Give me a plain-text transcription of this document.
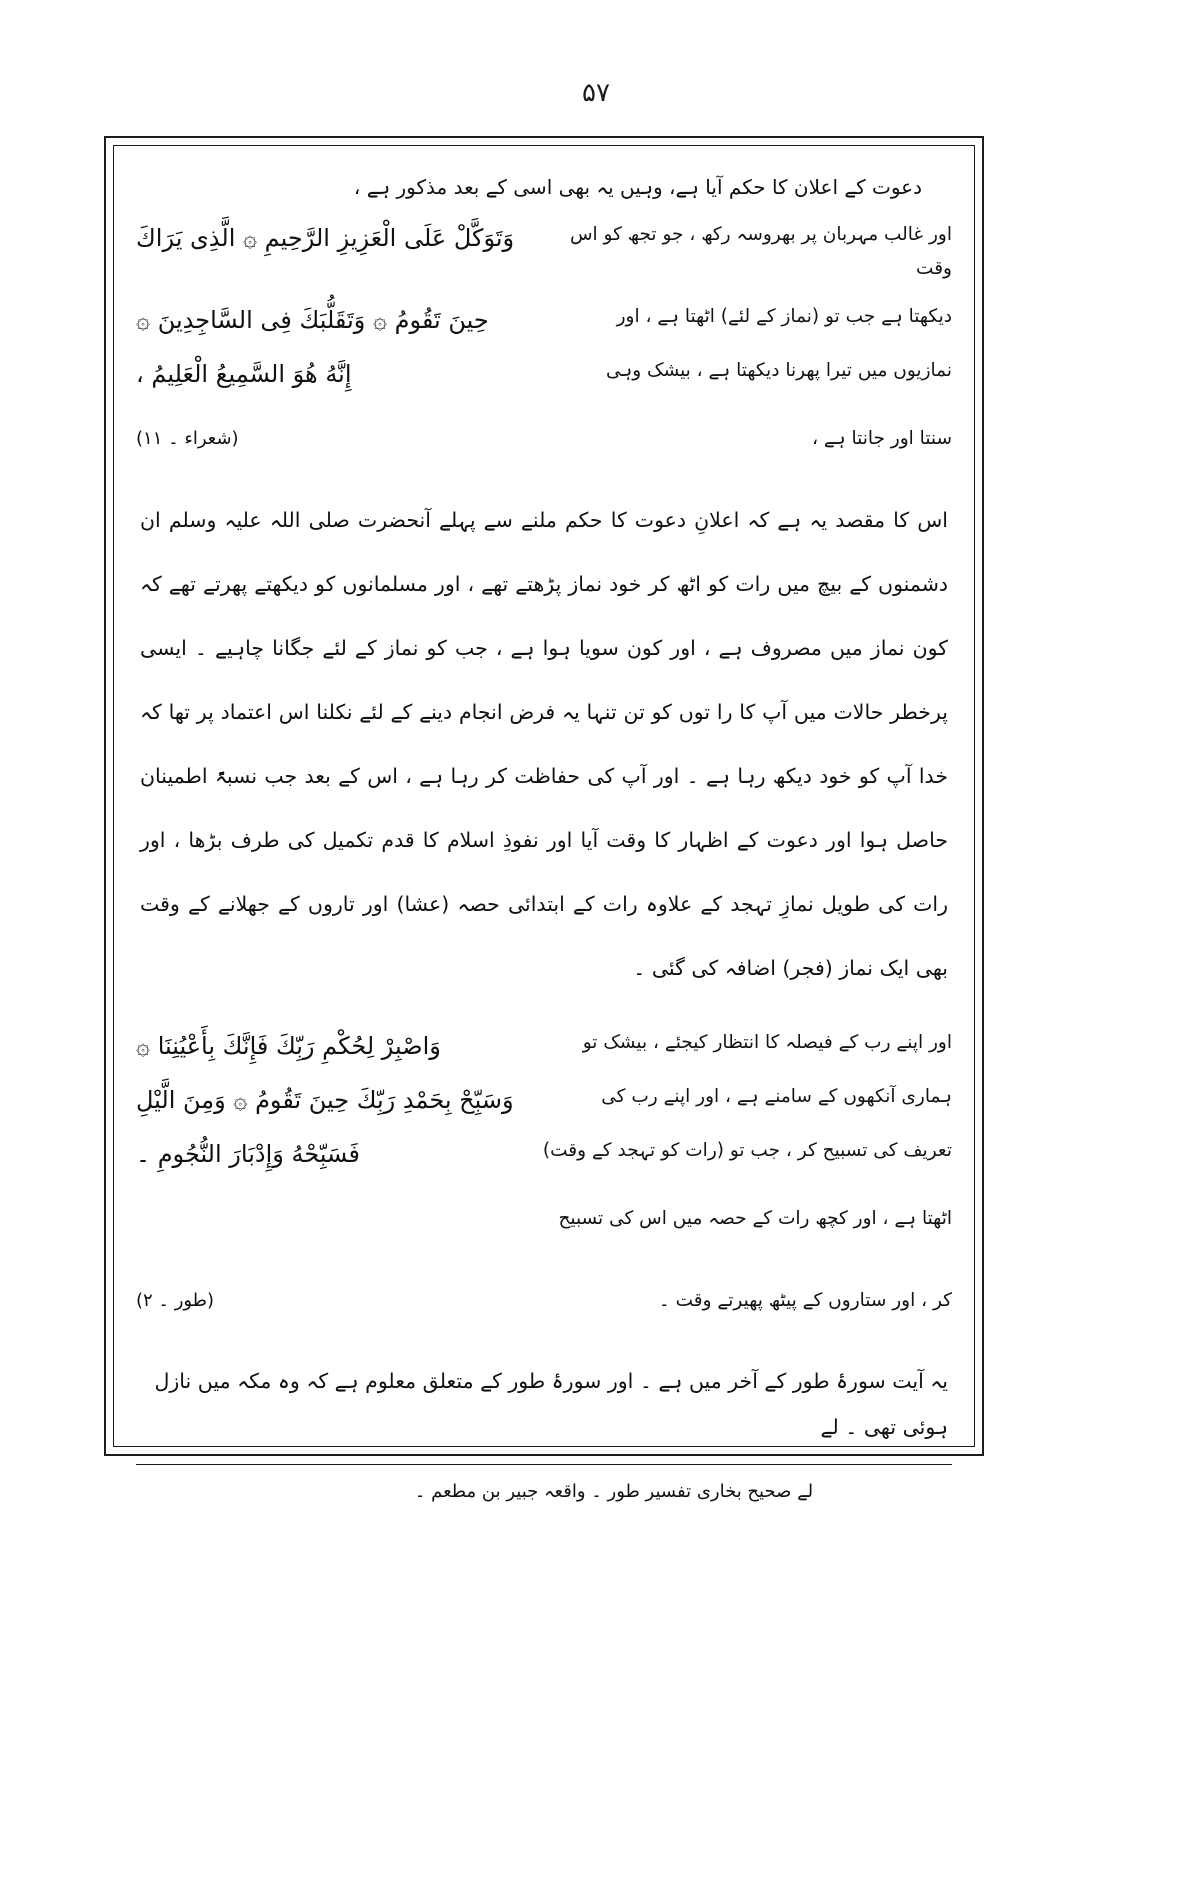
۵۷
دعوت کے اعلان کا حکم آیا ہے، وہیں یہ بھی اسی کے بعد مذکور ہے ،
اور غالب مہربان پر بھروسہ رکھ ، جو تجھ کو اس وقت
وَتَوَكَّلْ عَلَى الْعَزِيزِ الرَّحِيمِ ۞ الَّذِى يَرَاكَ
دیکھتا ہے جب تو (نماز کے لئے) اٹھتا ہے ، اور
حِينَ تَقُومُ ۞ وَتَقَلُّبَكَ فِى السَّاجِدِينَ ۞
نمازیوں میں تیرا پھرنا دیکھتا ہے ، بیشک وہی
إِنَّهُ هُوَ السَّمِيعُ الْعَلِيمُ ،
سنتا اور جانتا ہے ،
(شعراء ۔ ۱۱)
اس کا مقصد یہ ہے کہ اعلانِ دعوت کا حکم ملنے سے پہلے آنحضرت صلی اللہ علیہ وسلم ان دشمنوں کے بیچ میں رات کو اٹھ کر خود نماز پڑھتے تھے ، اور مسلمانوں کو دیکھتے پھرتے تھے کہ کون نماز میں مصروف ہے ، اور کون سویا ہوا ہے ، جب کو نماز کے لئے جگانا چاہیے ۔ ایسی پرخطر حالات میں آپ کا را توں کو تن تنہا یہ فرض انجام دینے کے لئے نکلنا اس اعتماد پر تھا کہ خدا آپ کو خود دیکھ رہا ہے ۔ اور آپ کی حفاظت کر رہا ہے ، اس کے بعد جب نسبۃً اطمینان حاصل ہوا اور دعوت کے اظہار کا وقت آیا اور نفوذِ اسلام کا قدم تکمیل کی طرف بڑھا ، اور رات کی طویل نمازِ تہجد کے علاوہ رات کے ابتدائی حصہ (عشا) اور تاروں کے جھلانے کے وقت بھی ایک نماز (فجر) اضافہ کی گئی ۔
اور اپنے رب کے فیصلہ کا انتظار کیجئے ، بیشک تو
وَاصْبِرْ لِحُكْمِ رَبِّكَ فَإِنَّكَ بِأَعْيُنِنَا ۞
ہماری آنکھوں کے سامنے ہے ، اور اپنے رب کی
وَسَبِّحْ بِحَمْدِ رَبِّكَ حِينَ تَقُومُ ۞ وَمِنَ الَّيْلِ
تعریف کی تسبیح کر ، جب تو (رات کو تہجد کے وقت)
فَسَبِّحْهُ وَإِدْبَارَ النُّجُومِ ۔
اٹھتا ہے ، اور کچھ رات کے حصہ میں اس کی تسبیح
کر ، اور ستاروں کے پیٹھ پھیرتے وقت ۔
(طور ۔ ۲)
یہ آیت سورۂ طور کے آخر میں ہے ۔ اور سورۂ طور کے متعلق معلوم ہے کہ وہ مکہ میں نازل ہوئی تھی ۔ لے
لے صحیح بخاری تفسیر طور ۔ واقعہ جبیر بن مطعم ۔
